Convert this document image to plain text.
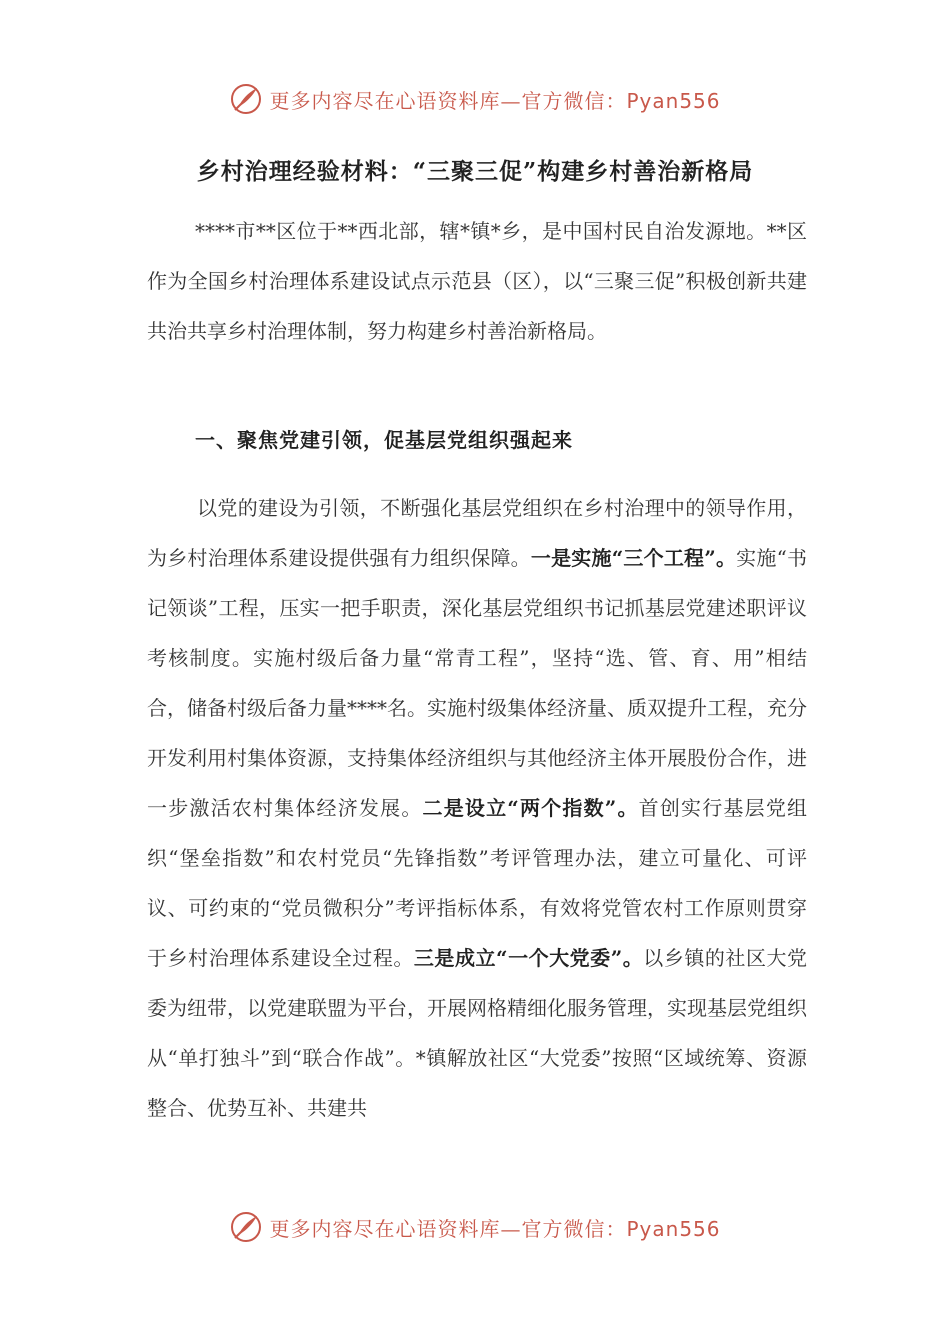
更多内容尽在心语资料库—官方微信：Pyan556
乡村治理经验材料：“三聚三促”构建乡村善治新格局

****市**区位于**西北部，辖*镇*乡，是中国村民自治发源地。**区作为全国乡村治理体系建设试点示范县（区），以“三聚三促”积极创新共建共治共享乡村治理体制，努力构建乡村善治新格局。

一、聚焦党建引领，促基层党组织强起来

以党的建设为引领，不断强化基层党组织在乡村治理中的领导作用，为乡村治理体系建设提供强有力组织保障。一是实施“三个工程”。实施“书记领谈”工程，压实一把手职责，深化基层党组织书记抓基层党建述职评议考核制度。实施村级后备力量“常青工程”，坚持“选、管、育、用”相结合，储备村级后备力量****名。实施村级集体经济量、质双提升工程，充分开发利用村集体资源，支持集体经济组织与其他经济主体开展股份合作，进一步激活农村集体经济发展。二是设立“两个指数”。首创实行基层党组织“堡垒指数”和农村党员“先锋指数”考评管理办法，建立可量化、可评议、可约束的“党员微积分”考评指标体系，有效将党管农村工作原则贯穿于乡村治理体系建设全过程。三是成立“一个大党委”。以乡镇的社区大党委为纽带，以党建联盟为平台，开展网格精细化服务管理，实现基层党组织从“单打独斗”到“联合作战”。*镇解放社区“大党委”按照“区域统筹、资源整合、优势互补、共建共

更多内容尽在心语资料库—官方微信：Pyan556
